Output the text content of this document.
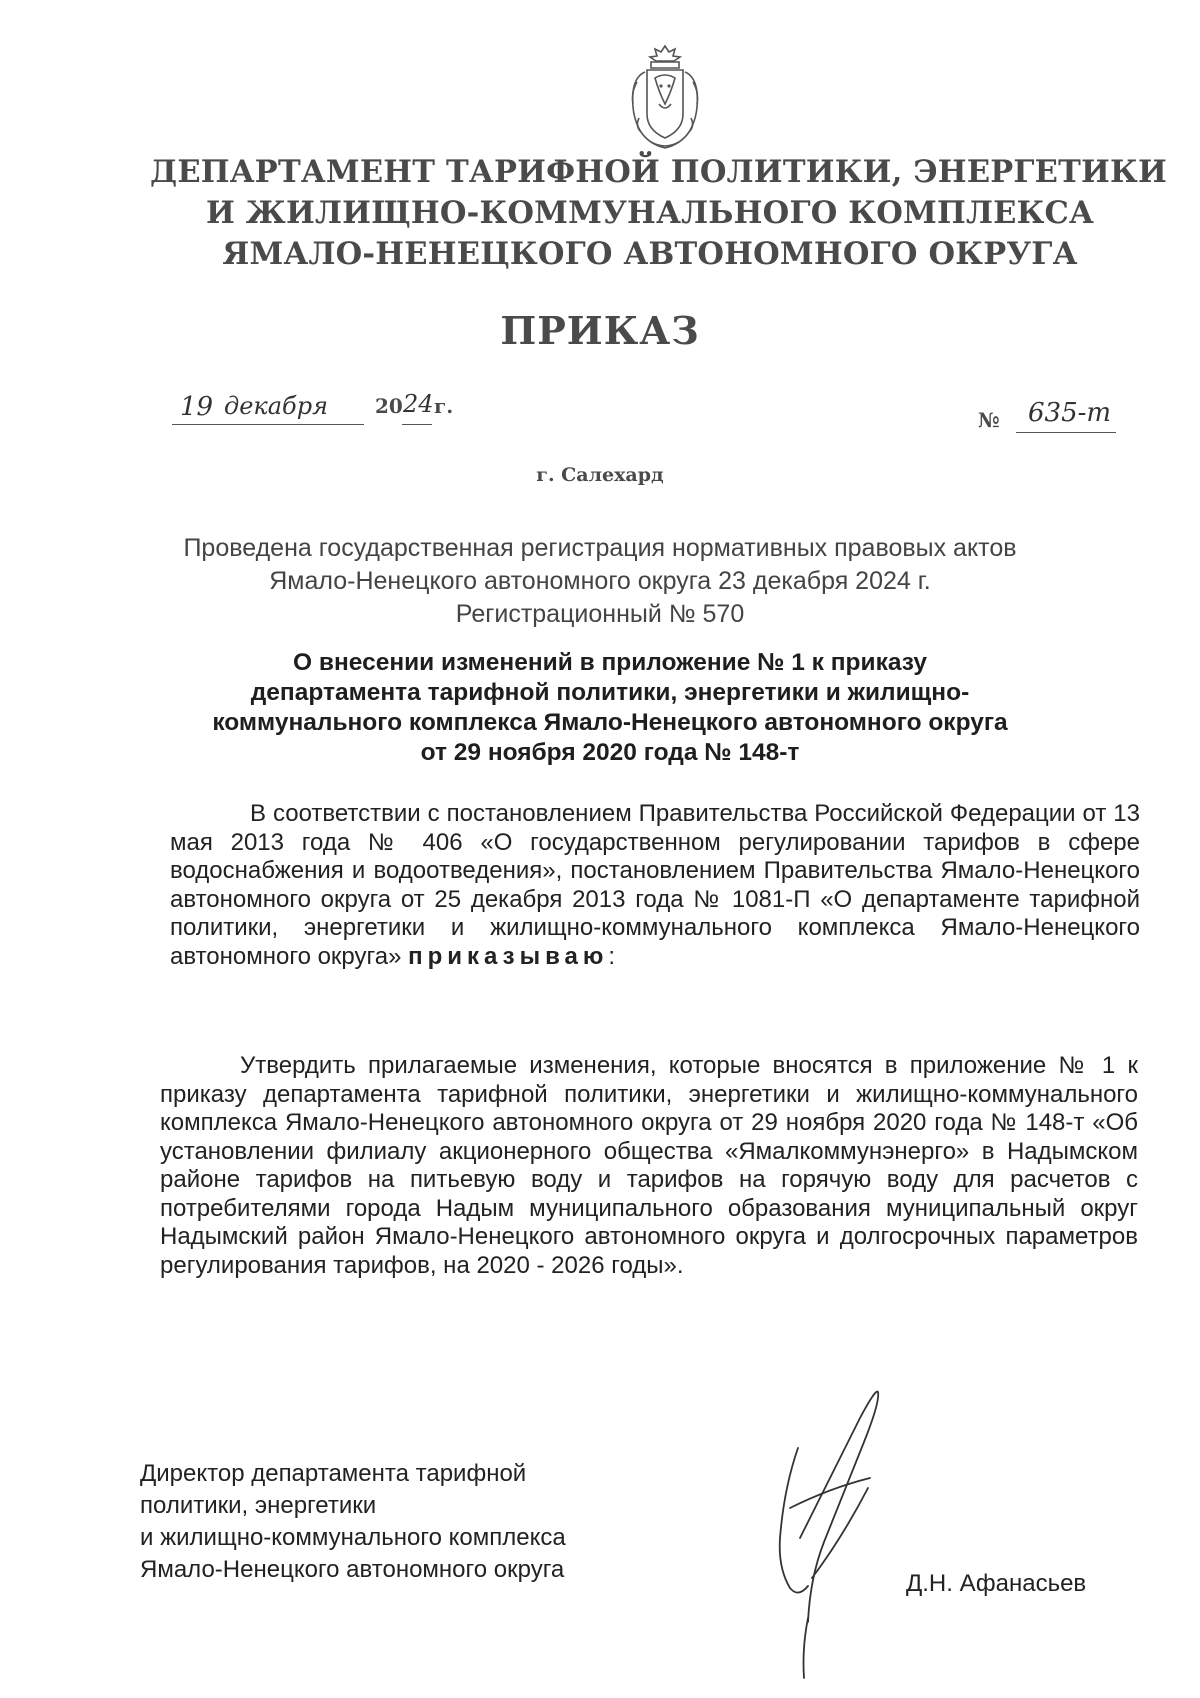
ДЕПАРТАМЕНТ ТАРИФНОЙ ПОЛИТИКИ, ЭНЕРГЕТИКИ
И ЖИЛИЩНО-КОММУНАЛЬНОГО КОМПЛЕКСА
ЯМАЛО-НЕНЕЦКОГО АВТОНОМНОГО ОКРУГА
ПРИКАЗ
19 декабря 20 24 г.
№ 635-т
г. Салехард
Проведена государственная регистрация нормативных правовых актов
Ямало-Ненецкого автономного округа 23 декабря 2024 г.
Регистрационный № 570
О внесении изменений в приложение № 1 к приказу
департамента тарифной политики, энергетики и жилищно-
коммунального комплекса Ямало-Ненецкого автономного округа
от 29 ноября 2020 года № 148-т
В соответствии с постановлением Правительства Российской Федерации от 13 мая 2013 года № 406 «О государственном регулировании тарифов в сфере водоснабжения и водоотведения», постановлением Правительства Ямало-Ненецкого автономного округа от 25 декабря 2013 года № 1081-П «О департаменте тарифной политики, энергетики и жилищно-коммунального комплекса Ямало-Ненецкого автономного округа» приказываю:
Утвердить прилагаемые изменения, которые вносятся в приложение № 1 к приказу департамента тарифной политики, энергетики и жилищно-коммунального комплекса Ямало-Ненецкого автономного округа от 29 ноября 2020 года № 148-т «Об установлении филиалу акционерного общества «Ямалкоммунэнерго» в Надымском районе тарифов на питьевую воду и тарифов на горячую воду для расчетов с потребителями города Надым муниципального образования муниципальный округ Надымский район Ямало-Ненецкого автономного округа и долгосрочных параметров регулирования тарифов, на 2020 - 2026 годы».
Директор департамента тарифной
политики, энергетики
и жилищно-коммунального комплекса
Ямало-Ненецкого автономного округа
Д.Н. Афанасьев
